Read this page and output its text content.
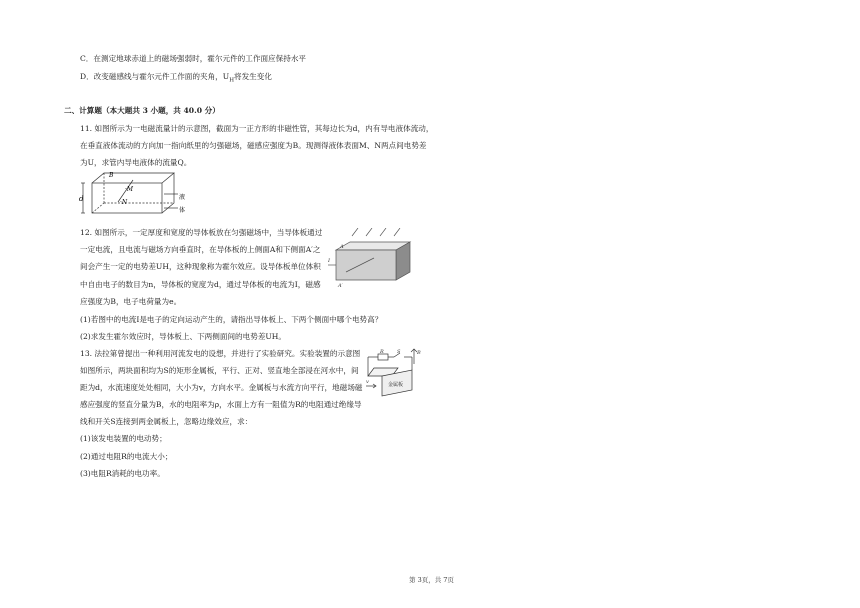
C．在测定地球赤道上的磁场强弱时，霍尔元件的工作面应保持水平
D．改变磁感线与霍尔元件工作面的夹角，$U_H$将发生变化
二、计算题（本大题共 3 小题，共 40.0 分）
11. 如图所示为一电磁流量计的示意图，截面为一正方形的非磁性管，其每边长为d，内有导电液体流动，
在垂直液体流动的方向加一指向纸里的匀强磁场，磁感应强度为B。现测得液体表面M、N两点间电势差
为U，求管内导电液体的流量Q。
d
B
·M
·N
液
体
12. 如图所示，一定厚度和宽度的导体板放在匀强磁场中，当导体板通过
一定电流，且电流与磁场方向垂直时，在导体板的上侧面A和下侧面A′之
间会产生一定的电势差UH，这种现象称为霍尔效应。设导体板单位体积
中自由电子的数目为n，导体板的宽度为d，通过导体板的电流为I，磁感
应强度为B，电子电荷量为e。
(1)若图中的电流I是电子的定向运动产生的，请指出导体板上、下两个侧面中哪个电势高？
(2)求发生霍尔效应时，导体板上、下两侧面间的电势差UH。
I
A
A′
13. 法拉第曾提出一种利用河流发电的设想，并进行了实验研究。实验装置的示意图
如图所示，两块面积均为S的矩形金属板，平行、正对、竖直地全部浸在河水中，间
距为d，水流速度处处相同，大小为v，方向水平。金属板与水流方向平行，地磁场磁
感应强度的竖直分量为B，水的电阻率为ρ，水面上方有一阻值为R的电阻通过绝缘导
线和开关S连接到两金属板上，忽略边缘效应，求：
(1)该发电装置的电动势；
(2)通过电阻R的电流大小；
(3)电阻R消耗的电功率。
R	S	B
金属板
v
第 3页，共 7页
